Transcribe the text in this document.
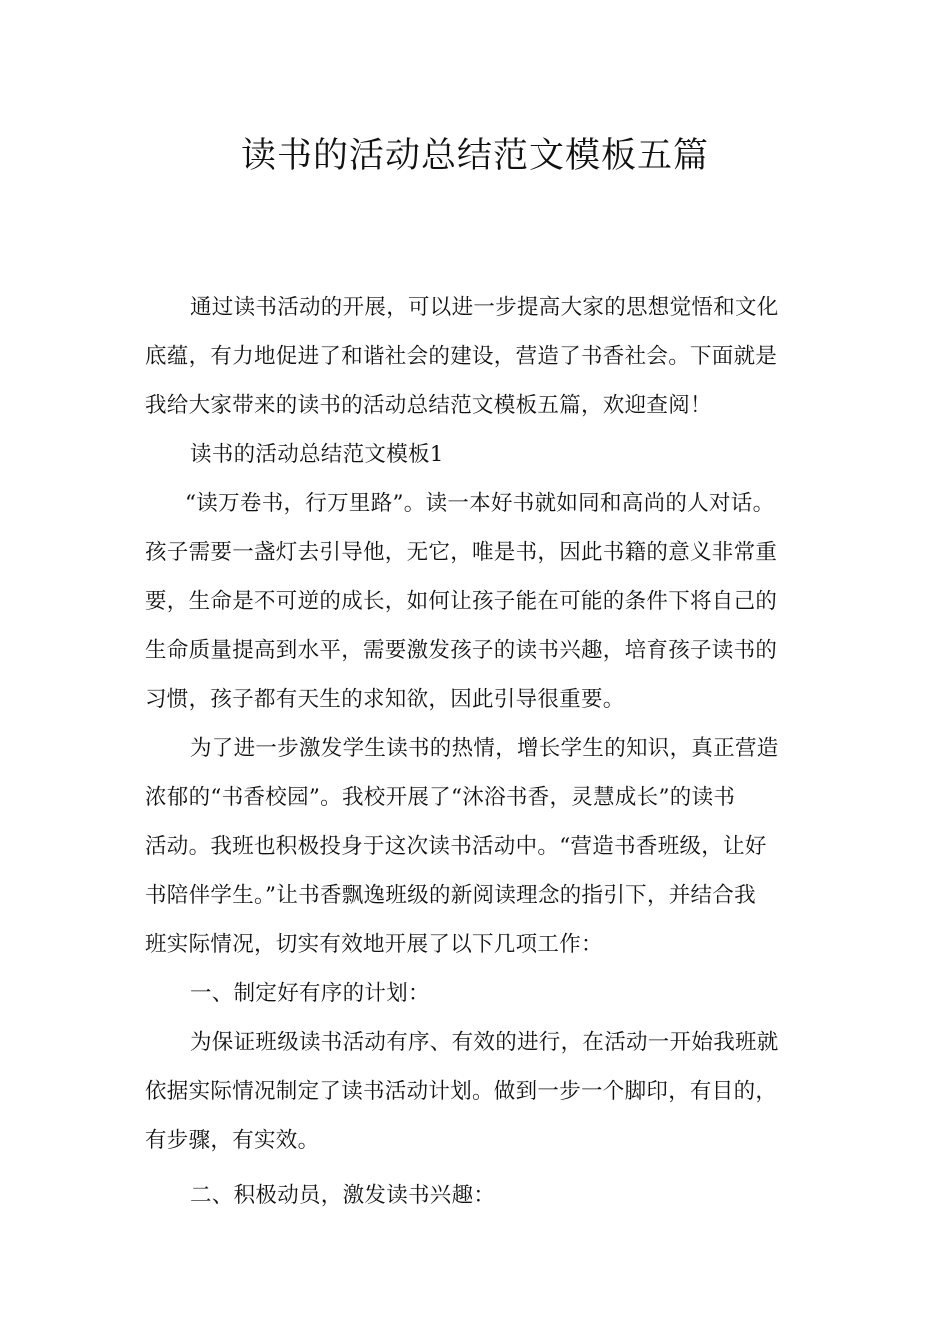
读书的活动总结范文模板五篇
通过读书活动的开展，可以进一步提高大家的思想觉悟和文化
底蕴，有力地促进了和谐社会的建设，营造了书香社会。下面就是
我给大家带来的读书的活动总结范文模板五篇，欢迎查阅！
读书的活动总结范文模板1
“读万卷书，行万里路”。读一本好书就如同和高尚的人对话。
孩子需要一盏灯去引导他，无它，唯是书，因此书籍的意义非常重
要，生命是不可逆的成长，如何让孩子能在可能的条件下将自己的
生命质量提高到水平，需要激发孩子的读书兴趣，培育孩子读书的
习惯，孩子都有天生的求知欲，因此引导很重要。
为了进一步激发学生读书的热情，增长学生的知识，真正营造
浓郁的“书香校园”。我校开展了“沐浴书香，灵慧成长”的读书
活动。我班也积极投身于这次读书活动中。“营造书香班级，让好
书陪伴学生。”让书香飘逸班级的新阅读理念的指引下，并结合我
班实际情况，切实有效地开展了以下几项工作：
一、制定好有序的计划：
为保证班级读书活动有序、有效的进行，在活动一开始我班就
依据实际情况制定了读书活动计划。做到一步一个脚印，有目的，
有步骤，有实效。
二、积极动员，激发读书兴趣：
